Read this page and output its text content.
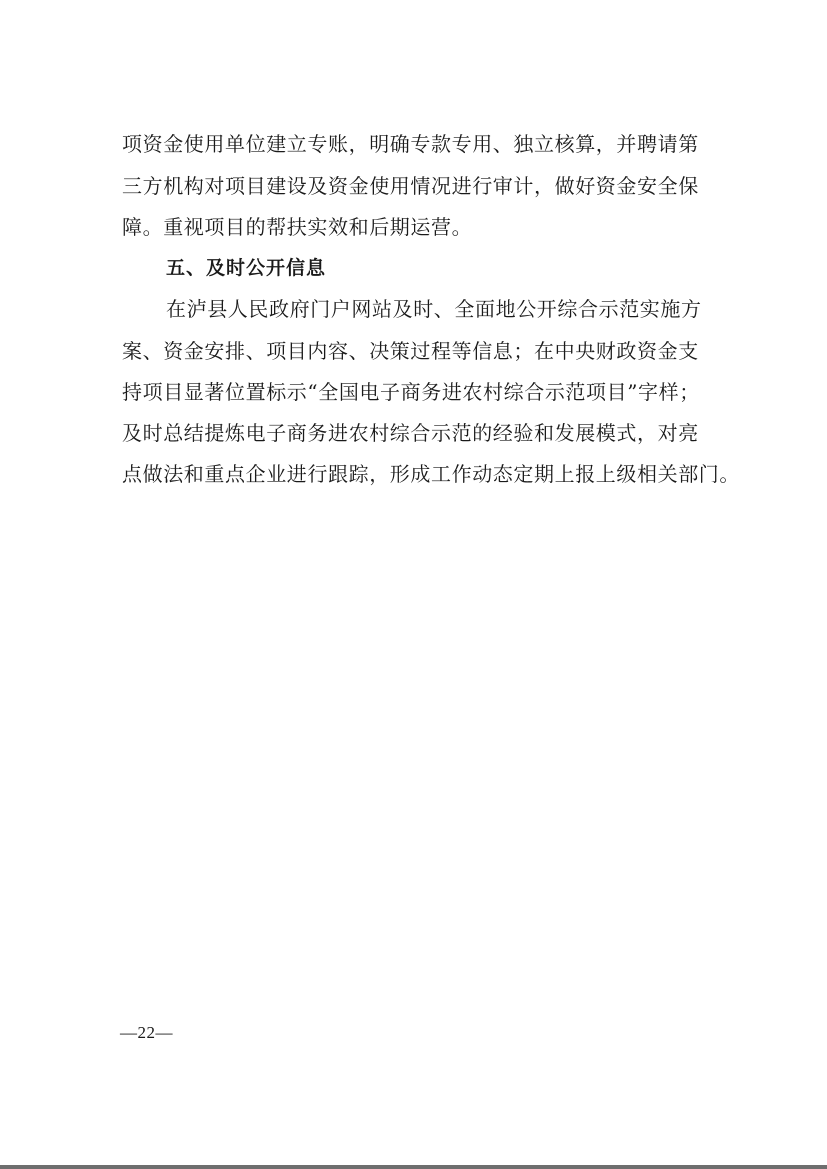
项资金使用单位建立专账，明确专款专用、独立核算，并聘请第
三方机构对项目建设及资金使用情况进行审计，做好资金安全保
障。重视项目的帮扶实效和后期运营。
五、及时公开信息
在泸县人民政府门户网站及时、全面地公开综合示范实施方
案、资金安排、项目内容、决策过程等信息；在中央财政资金支
持项目显著位置标示“全国电子商务进农村综合示范项目”字样；
及时总结提炼电子商务进农村综合示范的经验和发展模式，对亮
点做法和重点企业进行跟踪，形成工作动态定期上报上级相关部门。
—22—
